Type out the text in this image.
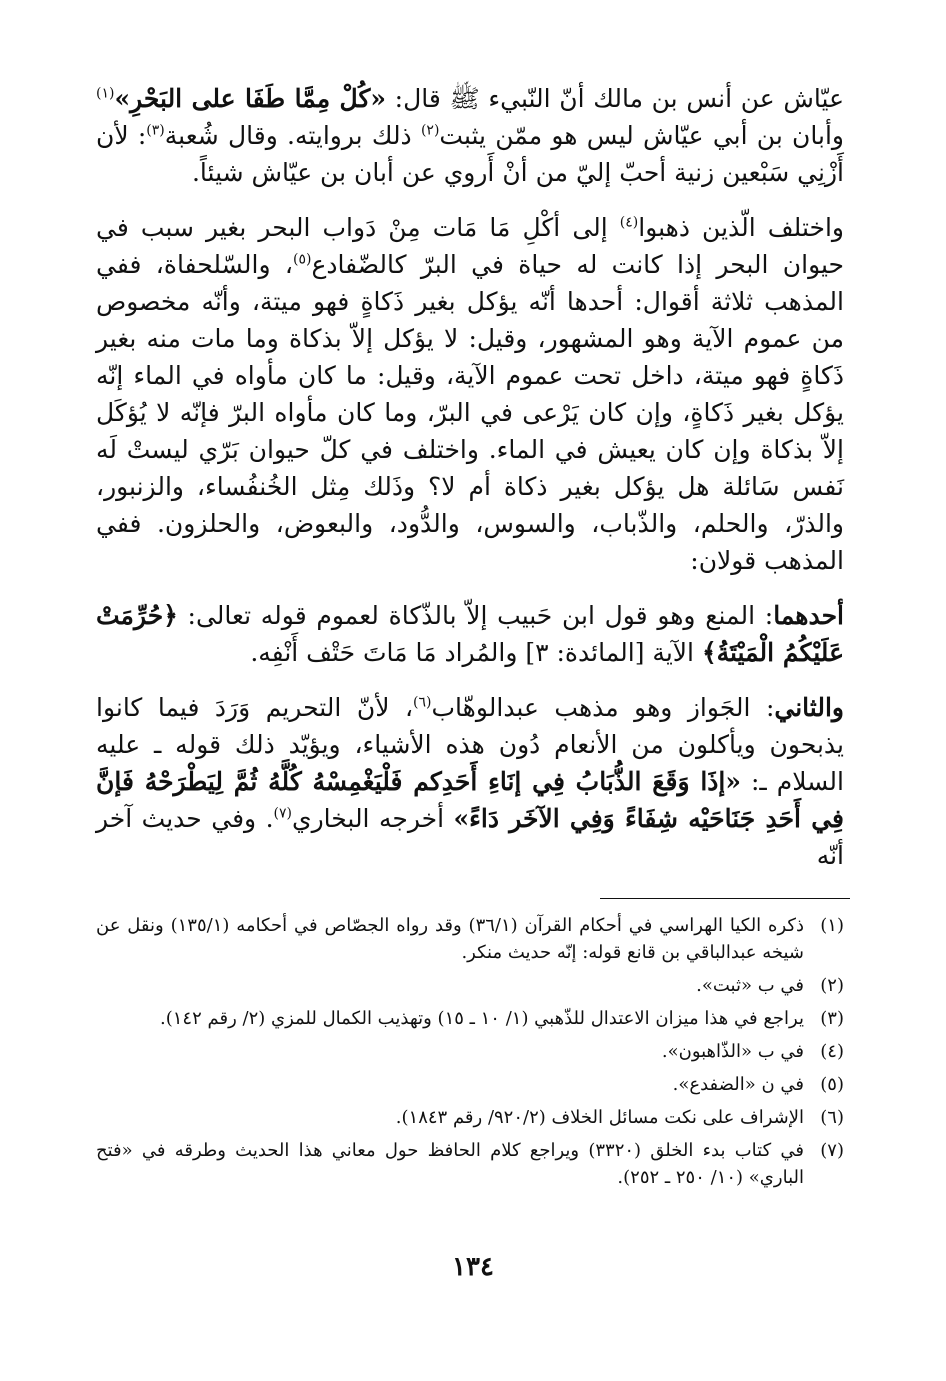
عيّاش عن أنس بن مالك أنّ النّبيء ﷺ قال: «كُلْ مِمَّا طَفَا على البَحْرِ»$^{(١)}$ وأبان بن أبي عيّاش ليس هو ممّن يثبت$^{(٢)}$ ذلك بروايته. وقال شُعبة$^{(٣)}$: لأن أَزْنِي سَبْعين زنية أحبّ إليّ من أنْ أَروي عن أبان بن عيّاش شيئاً.

واختلف الّذين ذهبوا$^{(٤)}$ إلى أكْلِ مَا مَات مِنْ دَواب البحر بغير سبب في حيوان البحر إذا كانت له حياة في البرّ كالضّفادع$^{(٥)}$، والسّلحفاة، ففي المذهب ثلاثة أقوال: أحدها أنّه يؤكل بغير ذَكاةٍ فهو ميتة، وأنّه مخصوص من عموم الآية وهو المشهور، وقيل: لا يؤكل إلاّ بذكاة وما مات منه بغير ذَكاةٍ فهو ميتة، داخل تحت عموم الآية، وقيل: ما كان مأواه في الماء إنّه يؤكل بغير ذَكاةٍ، وإن كان يَرْعى في البرّ، وما كان مأواه البرّ فإنّه لا يُؤكَل إلاّ بذكاة وإن كان يعيش في الماء. واختلف في كلّ حيوان بَرّي ليستْ لَه نَفس سَائلة هل يؤكل بغير ذكاة أم لا؟ وذَلك مِثل الخُنفُساء، والزنبور، والذرّ، والحلم، والذّباب، والسوس، والدُّود، والبعوض، والحلزون. ففي المذهب قولان:

أحدهما: المنع وهو قول ابن حَبيب إلاّ بالذّكاة لعموم قوله تعالى: ﴿حُرِّمَتْ عَلَيْكُمُ الْمَيْتَةُ﴾ الآية [المائدة: ٣] والمُراد مَا مَاتَ حَتْف أَنْفِه.

والثاني: الجَواز وهو مذهب عبدالوهّاب$^{(٦)}$، لأنّ التحريم وَرَدَ فيما كانوا يذبحون ويأكلون من الأنعام دُون هذه الأشياء، ويؤيّد ذلك قوله ـ عليه السلام ـ: «إذَا وَقَعَ الذُّبَابُ فِي إنَاءِ أَحَدِكم فَلْيَغْمِسْهُ كُلَّهُ ثُمَّ لِيَطْرَحْهُ فَإنَّ فِي أَحَدِ جَنَاحَيْه شِفَاءً وَفِي الآخَر دَاءً» أخرجه البخاري$^{(٧)}$. وفي حديث آخر أنّه

(١)
ذكره الكيا الهراسي في أحكام القرآن (٣٦/١) وقد رواه الجصّاص في أحكامه (١٣٥/١) ونقل عن شيخه عبدالباقي بن قانع قوله: إنّه حديث منكر.
(٢)
في ب «ثبت».
(٣)
يراجع في هذا ميزان الاعتدال للذّهبي (١/ ١٠ ـ ١٥) وتهذيب الكمال للمزي (٢/ رقم ١٤٢).
(٤)
في ب «الذّاهبون».
(٥)
في ن «الضفدع».
(٦)
الإشراف على نكت مسائل الخلاف (٩٢٠/٢/ رقم ١٨٤٣).
(٧)
في كتاب بدء الخلق (٣٣٢٠) ويراجع كلام الحافظ حول معاني هذا الحديث وطرقه في «فتح الباري» (١٠/ ٢٥٠ ـ ٢٥٢).
١٣٤
